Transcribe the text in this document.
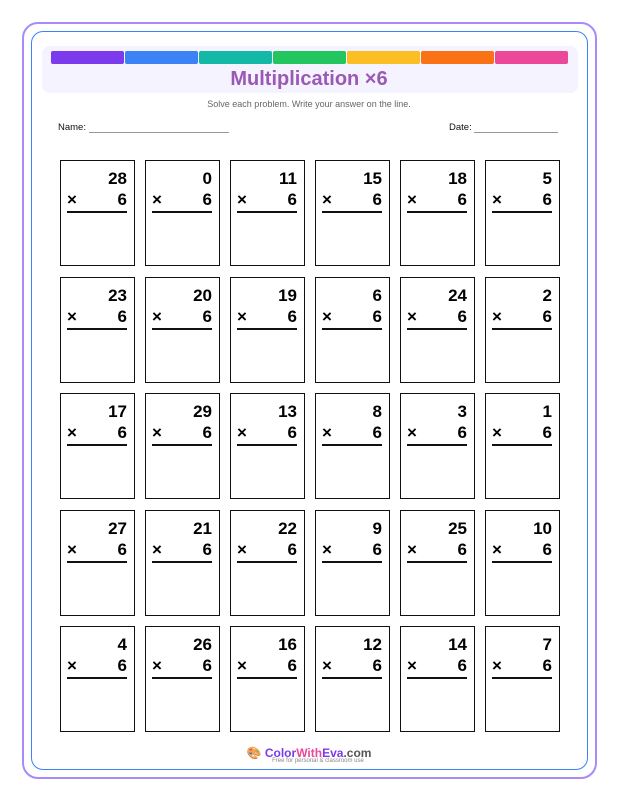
Multiplication ×6
Solve each problem. Write your answer on the line.
Name:	Date:
28
× 6
0
× 6
11
× 6
15
× 6
18
× 6
5
× 6
23
× 6
20
× 6
19
× 6
6
× 6
24
× 6
2
× 6
17
× 6
29
× 6
13
× 6
8
× 6
3
× 6
1
× 6
27
× 6
21
× 6
22
× 6
9
× 6
25
× 6
10
× 6
4
× 6
26
× 6
16
× 6
12
× 6
14
× 6
7
× 6
🎨 ColorWithEva.com
Free for personal & classroom use
